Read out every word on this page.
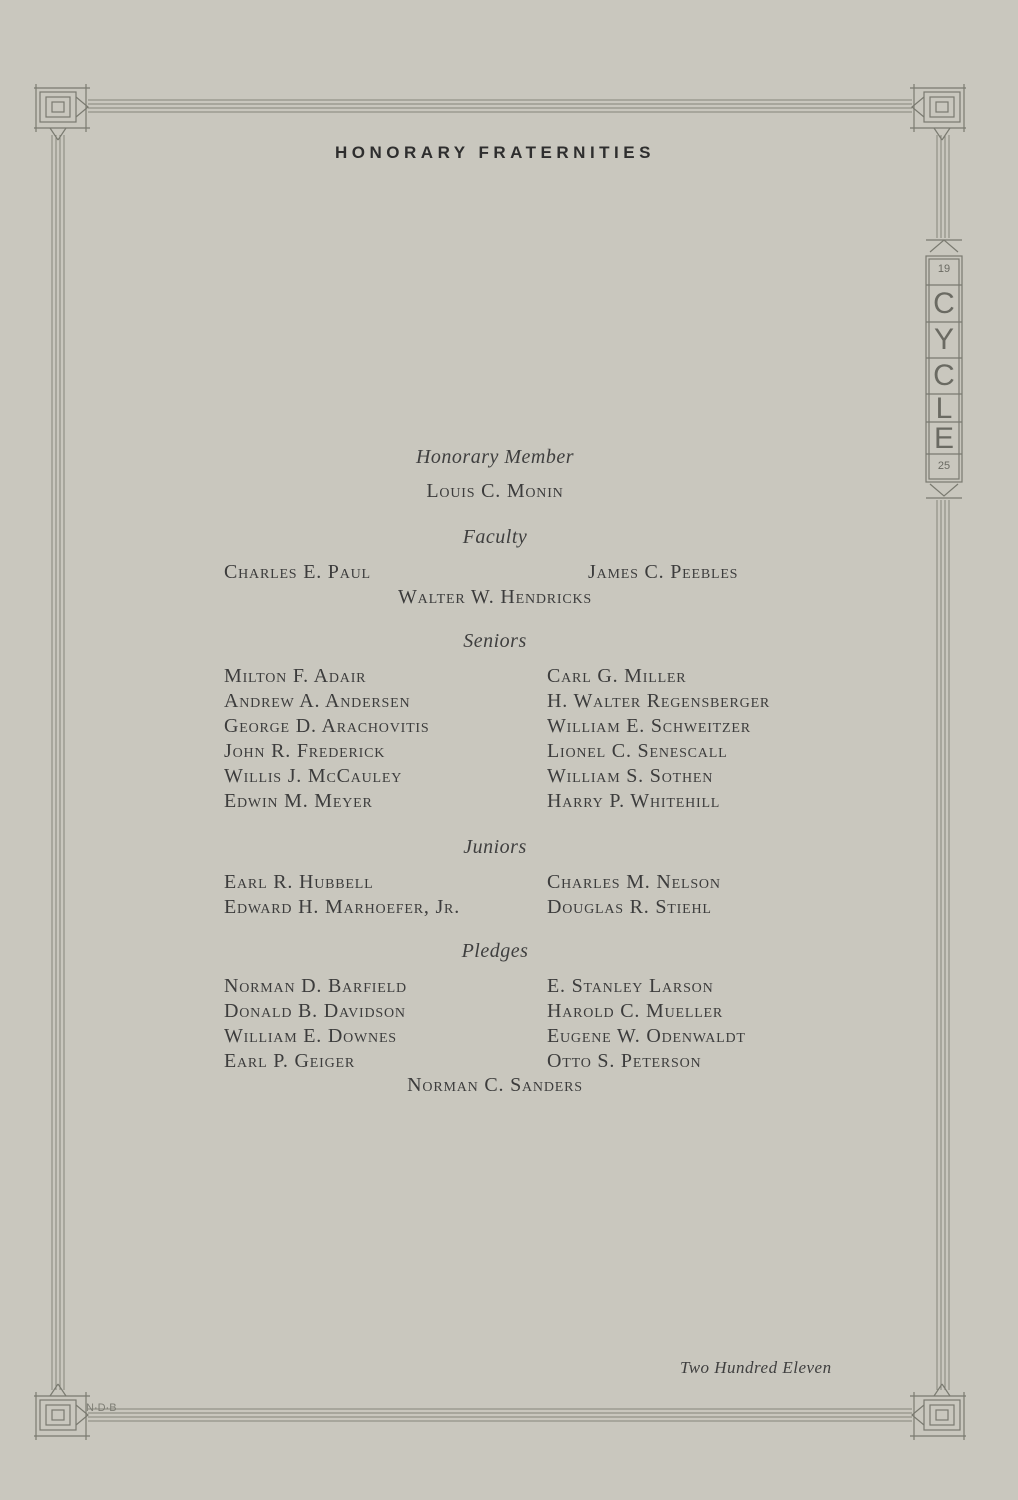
HONORARY FRATERNITIES
Honorary Member
Louis C. Monin
Faculty
Charles E. Paul	James C. Peebles
Walter W. Hendricks
Seniors
Milton F. Adair
Andrew A. Andersen
George D. Arachovitis
John R. Frederick
Willis J. McCauley
Edwin M. Meyer
Carl G. Miller
H. Walter Regensberger
William E. Schweitzer
Lionel C. Senescall
William S. Sothen
Harry P. Whitehill
Juniors
Earl R. Hubbell
Edward H. Marhoefer, Jr.
Charles M. Nelson
Douglas R. Stiehl
Pledges
Norman D. Barfield
Donald B. Davidson
William E. Downes
Earl P. Geiger
E. Stanley Larson
Harold C. Mueller
Eugene W. Odenwaldt
Otto S. Peterson
Norman C. Sanders
Two Hundred Eleven
N·D·B
19
C
Y
C
L
E
25
